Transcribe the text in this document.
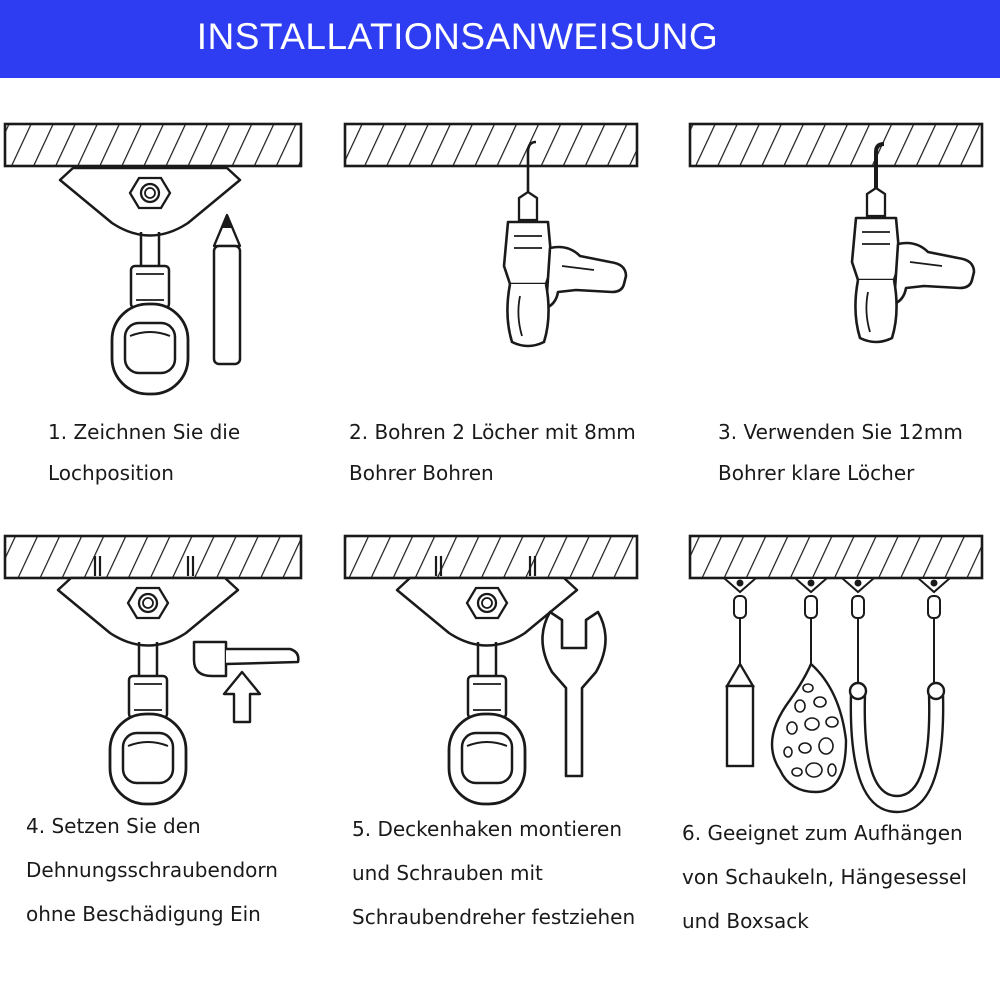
INSTALLATIONSANWEISUNG
1. Zeichnen Sie die
Lochposition
2. Bohren 2 Löcher mit 8mm
Bohrer Bohren
3. Verwenden Sie 12mm
Bohrer klare Löcher
4. Setzen Sie den
Dehnungsschraubendorn
ohne Beschädigung Ein
5. Deckenhaken montieren
und Schrauben mit
Schraubendreher festziehen
6. Geeignet zum Aufhängen
von Schaukeln, Hängesessel
und Boxsack
